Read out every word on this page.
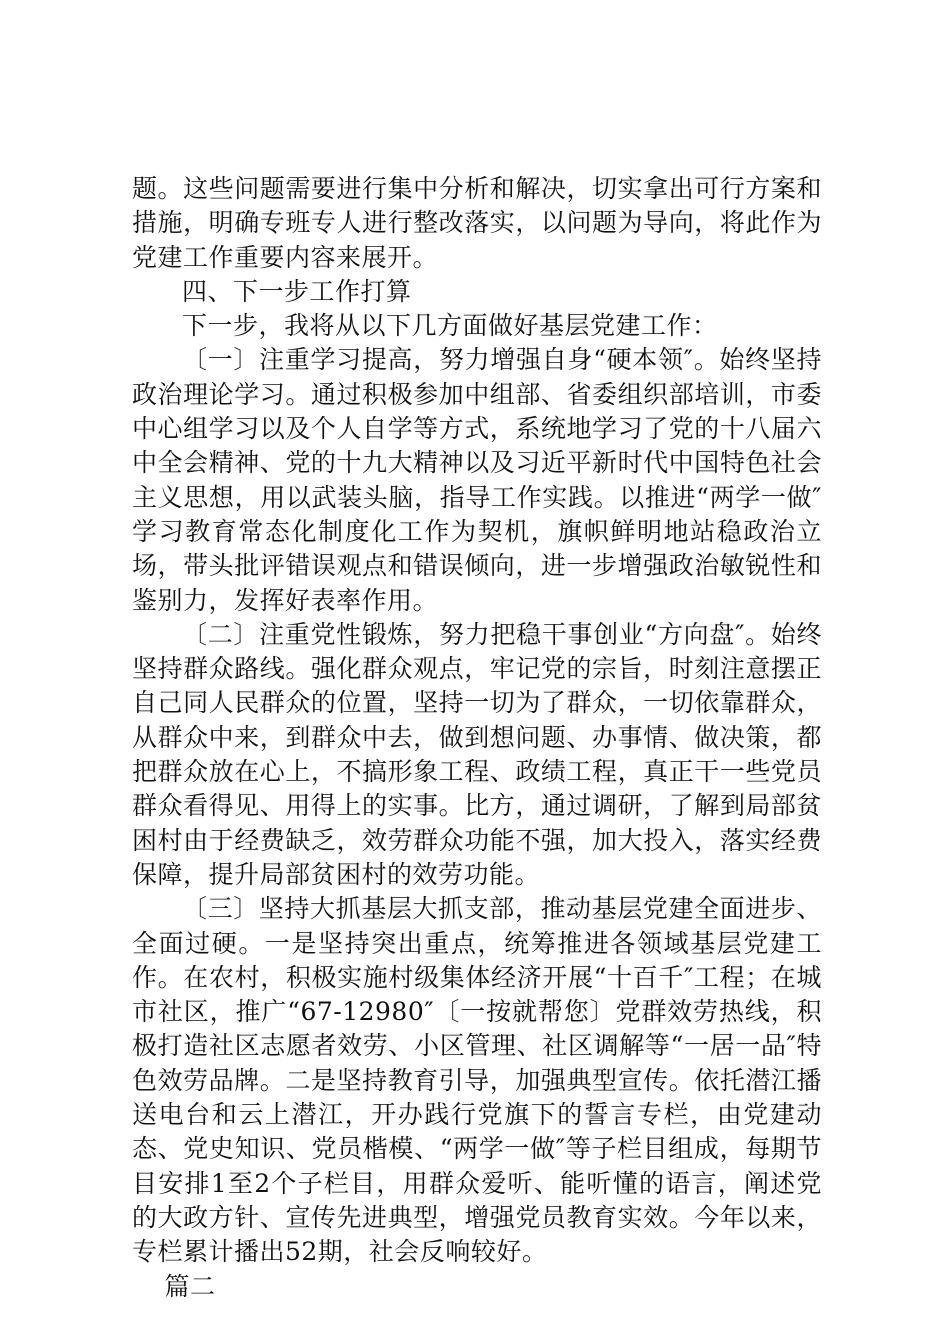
题。这些问题需要进行集中分析和解决，切实拿出可行方案和措施，明确专班专人进行整改落实，以问题为导向，将此作为党建工作重要内容来展开。

四、下一步工作打算

下一步，我将从以下几方面做好基层党建工作：

〔一〕注重学习提高，努力增强自身“硬本领″。始终坚持政治理论学习。通过积极参加中组部、省委组织部培训，市委中心组学习以及个人自学等方式，系统地学习了党的十八届六中全会精神、党的十九大精神以及习近平新时代中国特色社会主义思想，用以武装头脑，指导工作实践。以推进“两学一做″学习教育常态化制度化工作为契机，旗帜鲜明地站稳政治立场，带头批评错误观点和错误倾向，进一步增强政治敏锐性和鉴别力，发挥好表率作用。

〔二〕注重党性锻炼，努力把稳干事创业“方向盘″。始终坚持群众路线。强化群众观点，牢记党的宗旨，时刻注意摆正自己同人民群众的位置，坚持一切为了群众，一切依靠群众，从群众中来，到群众中去，做到想问题、办事情、做决策，都把群众放在心上，不搞形象工程、政绩工程，真正干一些党员群众看得见、用得上的实事。比方，通过调研，了解到局部贫困村由于经费缺乏，效劳群众功能不强，加大投入，落实经费保障，提升局部贫困村的效劳功能。

〔三〕坚持大抓基层大抓支部，推动基层党建全面进步、全面过硬。一是坚持突出重点，统筹推进各领域基层党建工作。在农村，积极实施村级集体经济开展“十百千″工程；在城市社区，推广“67-12980″〔一按就帮您〕党群效劳热线，积极打造社区志愿者效劳、小区管理、社区调解等“一居一品″特色效劳品牌。二是坚持教育引导，加强典型宣传。依托潜江播送电台和云上潜江，开办践行党旗下的誓言专栏，由党建动态、党史知识、党员楷模、“两学一做″等子栏目组成，每期节目安排1至2个子栏目，用群众爱听、能听懂的语言，阐述党的大政方针、宣传先进典型，增强党员教育实效。今年以来，专栏累计播出52期，社会反响较好。

篇二
